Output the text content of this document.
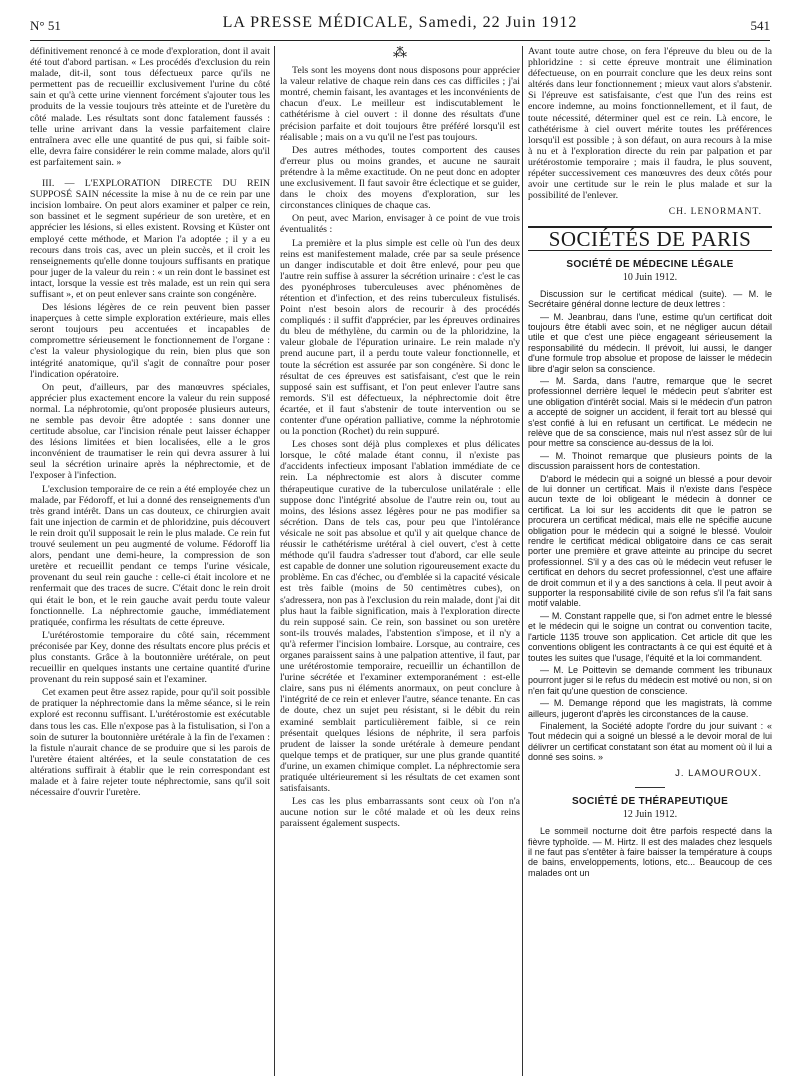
N° 51	LA PRESSE MÉDICALE, Samedi, 22 Juin 1912	541

définitivement renoncé à ce mode d'exploration, dont il avait été tout d'abord partisan. « Les procédés d'exclusion du rein malade, dit-il, sont tous défectueux parce qu'ils ne permettent pas de recueillir exclusivement l'urine du côté sain et qu'à cette urine viennent forcément s'ajouter tous les produits de la vessie toujours très atteinte et de l'uretère du côté malade. Les résultats sont donc fatalement faussés : telle urine arrivant dans la vessie parfaitement claire entraînera avec elle une quantité de pus qui, si faible soit-elle, devra faire considérer le rein comme malade, alors qu'il est parfaitement sain. »

III. — L'EXPLORATION DIRECTE DU REIN SUPPOSÉ SAIN nécessite la mise à nu de ce rein par une incision lombaire. On peut alors examiner et palper ce rein, son bassinet et le segment supérieur de son uretère, et en apprécier les lésions, si elles existent. Rovsing et Küster ont employé cette méthode, et Marion l'a adoptée ; il y a eu recours dans trois cas, avec un plein succès, et il croit les renseignements qu'elle donne toujours suffisants en pratique pour juger de la valeur du rein : « un rein dont le bassinet est intact, lorsque la vessie est très malade, est un rein qui sera suffisant », et on peut enlever sans crainte son congénère.

Des lésions légères de ce rein peuvent bien passer inaperçues à cette simple exploration extérieure, mais elles seront toujours peu accentuées et incapables de compromettre sérieusement le fonctionnement de l'organe : c'est la valeur physiologique du rein, bien plus que son intégrité anatomique, qu'il s'agit de connaître pour poser l'indication opératoire.

On peut, d'ailleurs, par des manœuvres spéciales, apprécier plus exactement encore la valeur du rein supposé normal. La néphrotomie, qu'ont proposée plusieurs auteurs, ne semble pas devoir être adoptée : sans donner une certitude absolue, car l'incision rénale peut laisser échapper des lésions limitées et bien localisées, elle a le gros inconvénient de traumatiser le rein qui devra assurer à lui seul la sécrétion urinaire après la néphrectomie, et de l'exposer à l'infection.

L'exclusion temporaire de ce rein a été employée chez un malade, par Fédoroff, et lui a donné des renseignements d'un très grand intérêt. Dans un cas douteux, ce chirurgien avait fait une injection de carmin et de phloridzine, puis découvert le rein droit qu'il supposait le rein le plus malade. Ce rein fut trouvé seulement un peu augmenté de volume. Fédoroff lia alors, pendant une demi-heure, la compression de son uretère et recueillit pendant ce temps l'urine vésicale, provenant du seul rein gauche : celle-ci était incolore et ne renfermait que des traces de sucre. C'était donc le rein droit qui était le bon, et le rein gauche avait perdu toute valeur fonctionnelle. La néphrectomie gauche, immédiatement pratiquée, confirma les résultats de cette épreuve.

L'urétérostomie temporaire du côté sain, récemment préconisée par Key, donne des résultats encore plus précis et plus constants. Grâce à la boutonnière urétérale, on peut recueillir en quelques instants une certaine quantité d'urine provenant du rein supposé sain et l'examiner.

Cet examen peut être assez rapide, pour qu'il soit possible de pratiquer la néphrectomie dans la même séance, si le rein exploré est reconnu suffisant. L'urétérostomie est exécutable dans tous les cas. Elle n'expose pas à la fistulisation, si l'on a soin de suturer la boutonnière urétérale à la fin de l'examen : la fistule n'aurait chance de se produire que si les parois de l'uretère étaient altérées, et la seule constatation de ces altérations suffirait à établir que le rein correspondant est malade et à faire rejeter toute néphrectomie, sans qu'il soit nécessaire d'ouvrir l'uretère.

⁂

Tels sont les moyens dont nous disposons pour apprécier la valeur relative de chaque rein dans ces cas difficiles ; j'ai montré, chemin faisant, les avantages et les inconvénients de chacun d'eux. Le meilleur est indiscutablement le cathétérisme à ciel ouvert : il donne des résultats d'une précision parfaite et doit toujours être préféré lorsqu'il est réalisable ; mais on a vu qu'il ne l'est pas toujours.

Des autres méthodes, toutes comportent des causes d'erreur plus ou moins grandes, et aucune ne saurait prétendre à la même exactitude. On ne peut donc en adopter une exclusivement. Il faut savoir être éclectique et se guider, dans le choix des moyens d'exploration, sur les circonstances cliniques de chaque cas.

On peut, avec Marion, envisager à ce point de vue trois éventualités :

La première et la plus simple est celle où l'un des deux reins est manifestement malade, crée par sa seule présence un danger indiscutable et doit être enlevé, pour peu que l'autre rein suffise à assurer la sécrétion urinaire : c'est le cas des pyonéphroses tuberculeuses avec phénomènes de rétention et d'infection, et des reins tuberculeux fistulisés. Point n'est besoin alors de recourir à des procédés compliqués : il suffit d'apprécier, par les épreuves ordinaires du bleu de méthylène, du carmin ou de la phloridzine, la valeur globale de l'épuration urinaire. Le rein malade n'y prend aucune part, il a perdu toute valeur fonctionnelle, et toute la sécrétion est assurée par son congénère. Si donc le résultat de ces épreuves est satisfaisant, c'est que le rein supposé sain est suffisant, et l'on peut enlever l'autre sans remords. S'il est défectueux, la néphrectomie doit être écartée, et il faut s'abstenir de toute intervention ou se contenter d'une opération palliative, comme la néphrotomie ou la ponction (Rochet) du rein suppuré.

Les choses sont déjà plus complexes et plus délicates lorsque, le côté malade étant connu, il n'existe pas d'accidents infectieux imposant l'ablation immédiate de ce rein. La néphrectomie est alors à discuter comme thérapeutique curative de la tuberculose unilatérale : elle suppose donc l'intégrité absolue de l'autre rein ou, tout au moins, des lésions assez légères pour ne pas modifier sa sécrétion. Dans de tels cas, pour peu que l'intolérance vésicale ne soit pas absolue et qu'il y ait quelque chance de réussir le cathétérisme urétéral à ciel ouvert, c'est à cette méthode qu'il faudra s'adresser tout d'abord, car elle seule est capable de donner une solution rigoureusement exacte du problème. En cas d'échec, ou d'emblée si la capacité vésicale est très faible (moins de 50 centimètres cubes), on s'adressera, non pas à l'exclusion du rein malade, dont j'ai dit plus haut la faible signification, mais à l'exploration directe du rein supposé sain. Ce rein, son bassinet ou son uretère sont-ils trouvés malades, l'abstention s'impose, et il n'y a qu'à refermer l'incision lombaire. Lorsque, au contraire, ces organes paraissent sains à une palpation attentive, il faut, par une urétérostomie temporaire, recueillir un échantillon de l'urine sécrétée et l'examiner extemporanément : est-elle claire, sans pus ni éléments anormaux, on peut conclure à l'intégrité de ce rein et enlever l'autre, séance tenante. En cas de doute, chez un sujet peu résistant, si le débit du rein examiné semblait particulièrement faible, si ce rein présentait quelques lésions de néphrite, il sera parfois prudent de laisser la sonde urétérale à demeure pendant quelque temps et de pratiquer, sur une plus grande quantité d'urine, un examen chimique complet. La néphrectomie sera pratiquée ultérieurement si les résultats de cet examen sont satisfaisants.

Les cas les plus embarrassants sont ceux où l'on n'a aucune notion sur le côté malade et où les deux reins paraissent également suspects.

Avant toute autre chose, on fera l'épreuve du bleu ou de la phloridzine : si cette épreuve montrait une élimination défectueuse, on en pourrait conclure que les deux reins sont altérés dans leur fonctionnement ; mieux vaut alors s'abstenir. Si l'épreuve est satisfaisante, c'est que l'un des reins est encore indemne, au moins fonctionnellement, et il faut, de toute nécessité, déterminer quel est ce rein. Là encore, le cathétérisme à ciel ouvert mérite toutes les préférences lorsqu'il est possible ; à son défaut, on aura recours à la mise à nu et à l'exploration directe du rein par palpation et par urétérostomie temporaire ; mais il faudra, le plus souvent, répéter successivement ces manœuvres des deux côtés pour avoir une certitude sur le rein le plus malade et sur la possibilité de l'enlever.

CH. LENORMANT.
SOCIÉTÉS DE PARIS
SOCIÉTÉ DE MÉDECINE LÉGALE
10 Juin 1912.

Discussion sur le certificat médical (suite). — M. le Secrétaire général donne lecture de deux lettres :

— M. Jeanbrau, dans l'une, estime qu'un certificat doit toujours être établi avec soin, et ne négliger aucun détail utile et que c'est une pièce engageant sérieusement la responsabilité du médecin. Il prévoit, lui aussi, le danger d'une formule trop absolue et propose de laisser le médecin libre d'agir selon sa conscience.

— M. Sarda, dans l'autre, remarque que le secret professionnel derrière lequel le médecin peut s'abriter est une obligation d'intérêt social. Mais si le médecin d'un patron a accepté de soigner un accident, il ferait tort au blessé qui s'est confié à lui en refusant un certificat. Le médecin ne relève que de sa conscience, mais nul n'est assez sûr de lui pour mettre sa conscience au-dessus de la loi.

— M. Thoinot remarque que plusieurs points de la discussion paraissent hors de contestation.

D'abord le médecin qui a soigné un blessé a pour devoir de lui donner un certificat. Mais il n'existe dans l'espèce aucun texte de loi obligeant le médecin à donner ce certificat. La loi sur les accidents dit que le patron se procurera un certificat médical, mais elle ne spécifie aucune obligation pour le médecin qui a soigné le blessé. Vouloir rendre le certificat médical obligatoire dans ce cas serait porter une première et grave atteinte au principe du secret professionnel. S'il y a des cas où le médecin veut refuser le certificat en dehors du secret professionnel, c'est une affaire de droit commun et il y a des sanctions à cela. Il peut avoir à supporter la responsabilité civile de son refus s'il l'a fait sans motif valable.

— M. Constant rappelle que, si l'on admet entre le blessé et le médecin qui le soigne un contrat ou convention tacite, l'article 1135 trouve son application. Cet article dit que les conventions obligent les contractants à ce qui est équité et à toutes les suites que l'usage, l'équité et la loi commandent.

— M. Le Poittevin se demande comment les tribunaux pourront juger si le refus du médecin est motivé ou non, si on n'en fait qu'une question de conscience.

— M. Demange répond que les magistrats, là comme ailleurs, jugeront d'après les circonstances de la cause.

Finalement, la Société adopte l'ordre du jour suivant : « Tout médecin qui a soigné un blessé a le devoir moral de lui délivrer un certificat constatant son état au moment où il lui a donné ses soins. »

J. LAMOUROUX.
SOCIÉTÉ DE THÉRAPEUTIQUE
12 Juin 1912.

Le sommeil nocturne doit être parfois respecté dans la fièvre typhoïde. — M. Hirtz. Il est des malades chez lesquels il ne faut pas s'entêter à faire baisser la température à coups de bains, enveloppements, lotions, etc... Beaucoup de ces malades ont un
